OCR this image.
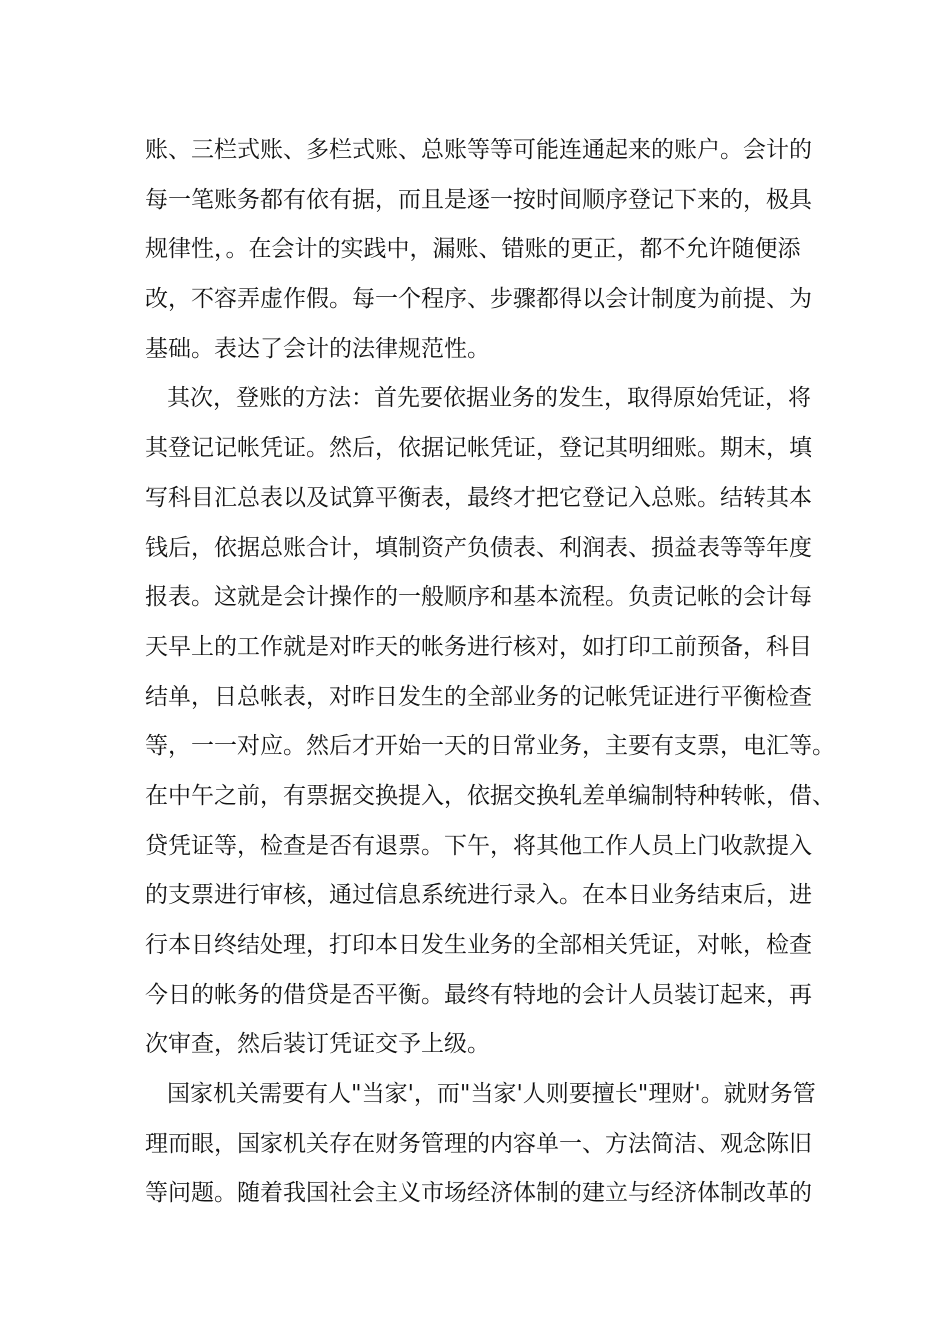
账、三栏式账、多栏式账、总账等等可能连通起来的账户。会计的
每一笔账务都有依有据，而且是逐一按时间顺序登记下来的，极具
规律性，。在会计的实践中，漏账、错账的更正，都不允许随便添
改，不容弄虚作假。每一个程序、步骤都得以会计制度为前提、为
基础。表达了会计的法律规范性。
其次，登账的方法：首先要依据业务的发生，取得原始凭证，将
其登记记帐凭证。然后，依据记帐凭证，登记其明细账。期末，填
写科目汇总表以及试算平衡表，最终才把它登记入总账。结转其本
钱后，依据总账合计，填制资产负债表、利润表、损益表等等年度
报表。这就是会计操作的一般顺序和基本流程。负责记帐的会计每
天早上的工作就是对昨天的帐务进行核对，如打印工前预备，科目
结单，日总帐表，对昨日发生的全部业务的记帐凭证进行平衡检查
等，一一对应。然后才开始一天的日常业务，主要有支票，电汇等。
在中午之前，有票据交换提入，依据交换轧差单编制特种转帐，借、
贷凭证等，检查是否有退票。下午，将其他工作人员上门收款提入
的支票进行审核，通过信息系统进行录入。在本日业务结束后，进
行本日终结处理，打印本日发生业务的全部相关凭证，对帐，检查
今日的帐务的借贷是否平衡。最终有特地的会计人员装订起来，再
次审查，然后装订凭证交予上级。
国家机关需要有人"当家'，而"当家'人则要擅长"理财'。就财务管
理而眼，国家机关存在财务管理的内容单一、方法简洁、观念陈旧
等问题。随着我国社会主义市场经济体制的建立与经济体制改革的
